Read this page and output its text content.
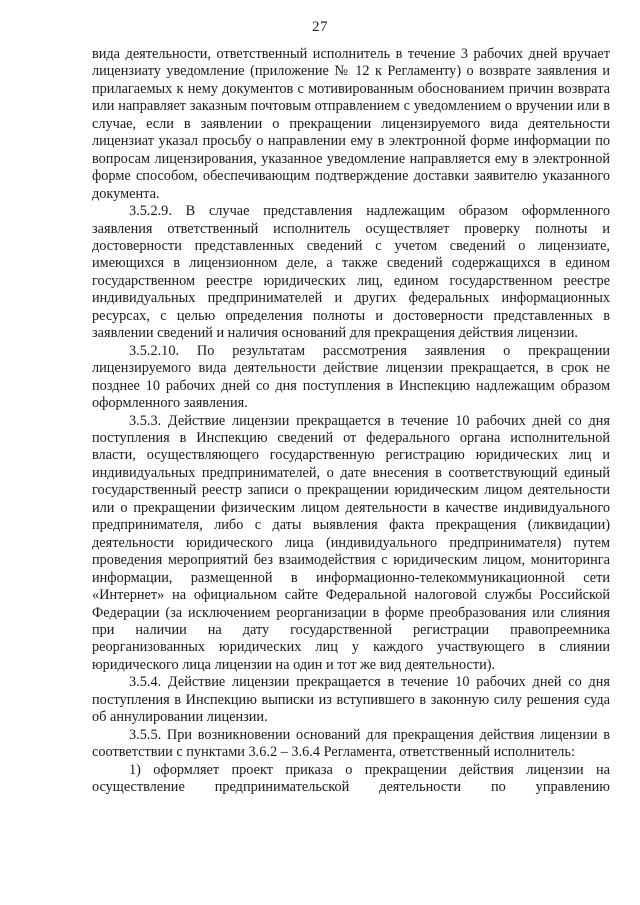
27

вида деятельности, ответственный исполнитель в течение 3 рабочих дней вручает лицензиату уведомление (приложение № 12 к Регламенту) о возврате заявления и прилагаемых к нему документов с мотивированным обоснованием причин возврата или направляет заказным почтовым отправлением с уведомлением о вручении или в случае, если в заявлении о прекращении лицензируемого вида деятельности лицензиат указал просьбу о направлении ему в электронной форме информации по вопросам лицензирования, указанное уведомление направляется ему в электронной форме способом, обеспечивающим подтверждение доставки заявителю указанного документа.

3.5.2.9. В случае представления надлежащим образом оформленного заявления ответственный исполнитель осуществляет проверку полноты и достоверности представленных сведений с учетом сведений о лицензиате, имеющихся в лицензионном деле, а также сведений содержащихся в едином государственном реестре юридических лиц, едином государственном реестре индивидуальных предпринимателей и других федеральных информационных ресурсах, с целью определения полноты и достоверности представленных в заявлении сведений и наличия оснований для прекращения действия лицензии.

3.5.2.10. По результатам рассмотрения заявления о прекращении лицензируемого вида деятельности действие лицензии прекращается, в срок не позднее 10 рабочих дней со дня поступления в Инспекцию надлежащим образом оформленного заявления.

3.5.3. Действие лицензии прекращается в течение 10 рабочих дней со дня поступления в Инспекцию сведений от федерального органа исполнительной власти, осуществляющего государственную регистрацию юридических лиц и индивидуальных предпринимателей, о дате внесения в соответствующий единый государственный реестр записи о прекращении юридическим лицом деятельности или о прекращении физическим лицом деятельности в качестве индивидуального предпринимателя, либо с даты выявления факта прекращения (ликвидации) деятельности юридического лица (индивидуального предпринимателя) путем проведения мероприятий без взаимодействия с юридическим лицом, мониторинга информации, размещенной в информационно-телекоммуникационной сети «Интернет» на официальном сайте Федеральной налоговой службы Российской Федерации (за исключением реорганизации в форме преобразования или слияния при наличии на дату государственной регистрации правопреемника реорганизованных юридических лиц у каждого участвующего в слиянии юридического лица лицензии на один и тот же вид деятельности).

3.5.4. Действие лицензии прекращается в течение 10 рабочих дней со дня поступления в Инспекцию выписки из вступившего в законную силу решения суда об аннулировании лицензии.

3.5.5. При возникновении оснований для прекращения действия лицензии в соответствии с пунктами 3.6.2 – 3.6.4 Регламента, ответственный исполнитель:

1) оформляет проект приказа о прекращении действия лицензии на осуществление предпринимательской деятельности по управлению
